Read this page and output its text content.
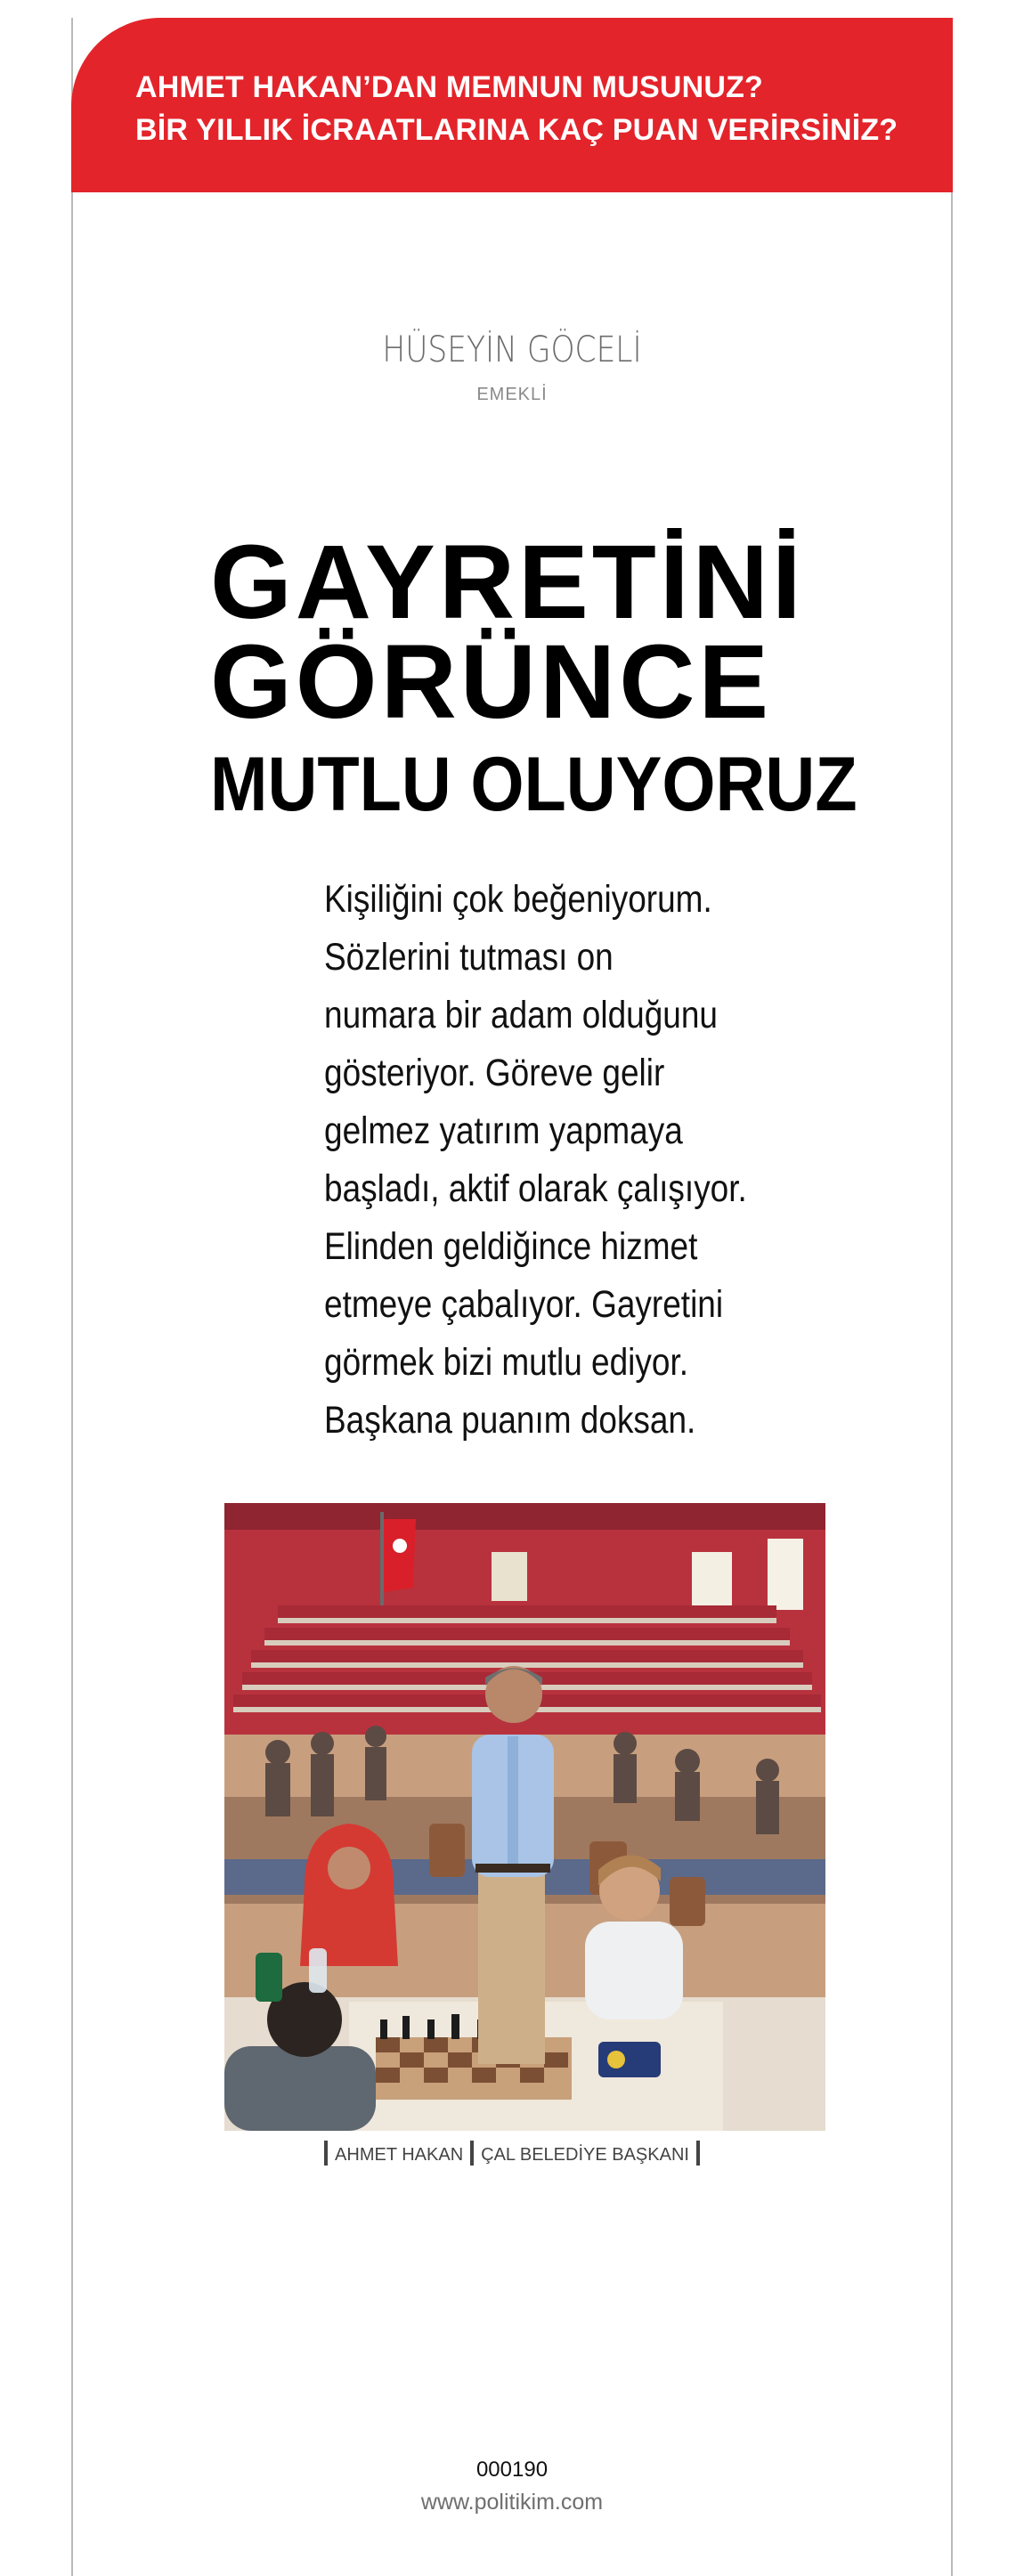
AHMET HAKAN’DAN MEMNUN MUSUNUZ?
BİR YILLIK İCRAATLARINA KAÇ PUAN VERİRSİNİZ?
HÜSEYİN GÖCELİ
EMEKLİ
GAYRETİNİ
GÖRÜNCE
MUTLU OLUYORUZ
Kişiliğini çok beğeniyorum.
Sözlerini tutması on
numara bir adam olduğunu
gösteriyor. Göreve gelir
gelmez yatırım yapmaya
başladı, aktif olarak çalışıyor.
Elinden geldiğince hizmet
etmeye çabalıyor. Gayretini
görmek bizi mutlu ediyor.
Başkana puanım doksan.
AHMET HAKAN ÇAL BELEDİYE BAŞKANI
000190
www.politikim.com
